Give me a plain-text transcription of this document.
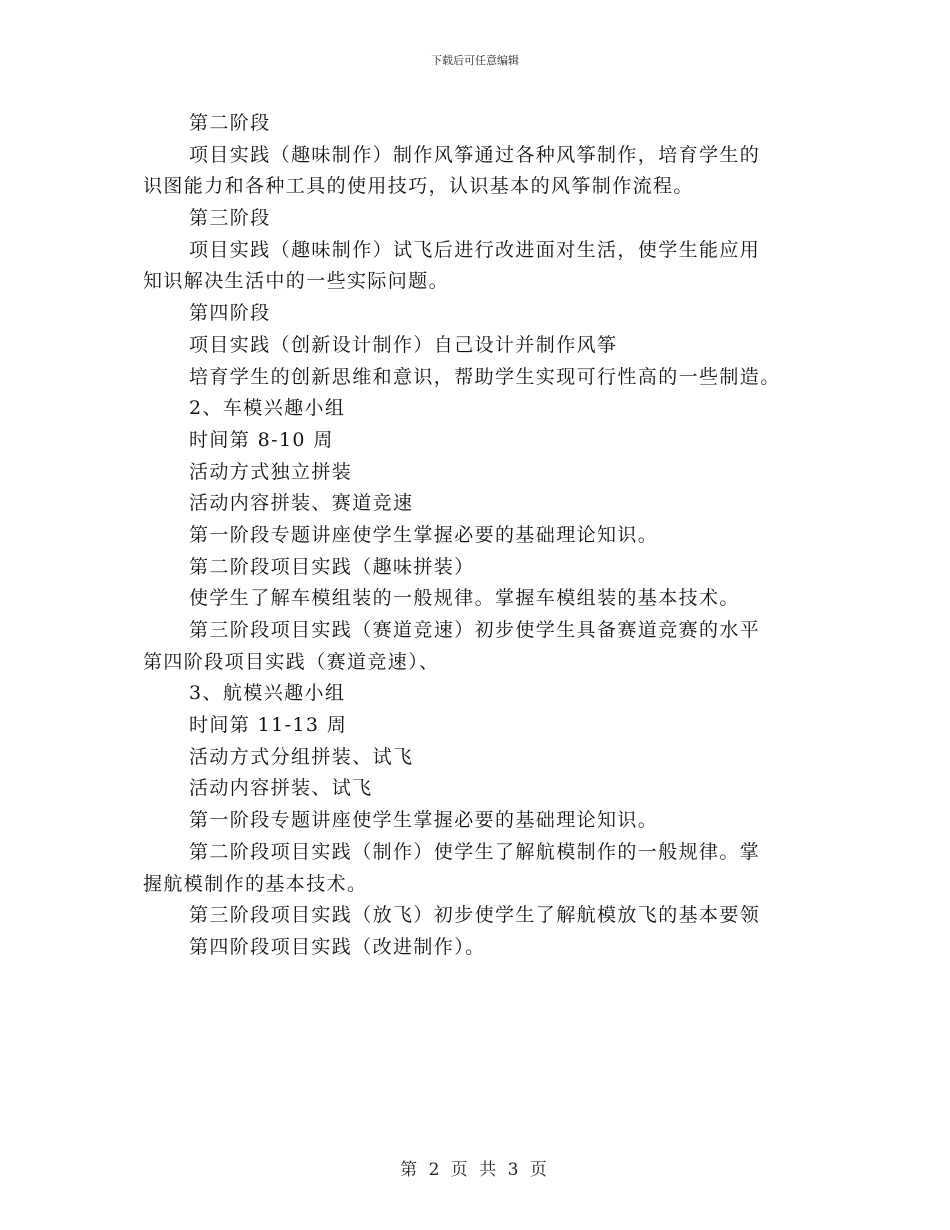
下载后可任意编辑
第二阶段
项目实践（趣味制作）制作风筝通过各种风筝制作，培育学生的
识图能力和各种工具的使用技巧，认识基本的风筝制作流程。
第三阶段
项目实践（趣味制作）试飞后进行改进面对生活，使学生能应用
知识解决生活中的一些实际问题。
第四阶段
项目实践（创新设计制作）自己设计并制作风筝
培育学生的创新思维和意识，帮助学生实现可行性高的一些制造。
2、车模兴趣小组
时间第 8-10 周
活动方式独立拼装
活动内容拼装、赛道竞速
第一阶段专题讲座使学生掌握必要的基础理论知识。
第二阶段项目实践（趣味拼装）
使学生了解车模组装的一般规律。掌握车模组装的基本技术。
第三阶段项目实践（赛道竞速）初步使学生具备赛道竞赛的水平
第四阶段项目实践（赛道竞速）、
3、航模兴趣小组
时间第 11-13 周
活动方式分组拼装、试飞
活动内容拼装、试飞
第一阶段专题讲座使学生掌握必要的基础理论知识。
第二阶段项目实践（制作）使学生了解航模制作的一般规律。掌
握航模制作的基本技术。
第三阶段项目实践（放飞）初步使学生了解航模放飞的基本要领
第四阶段项目实践（改进制作）。
第 2 页 共 3 页
